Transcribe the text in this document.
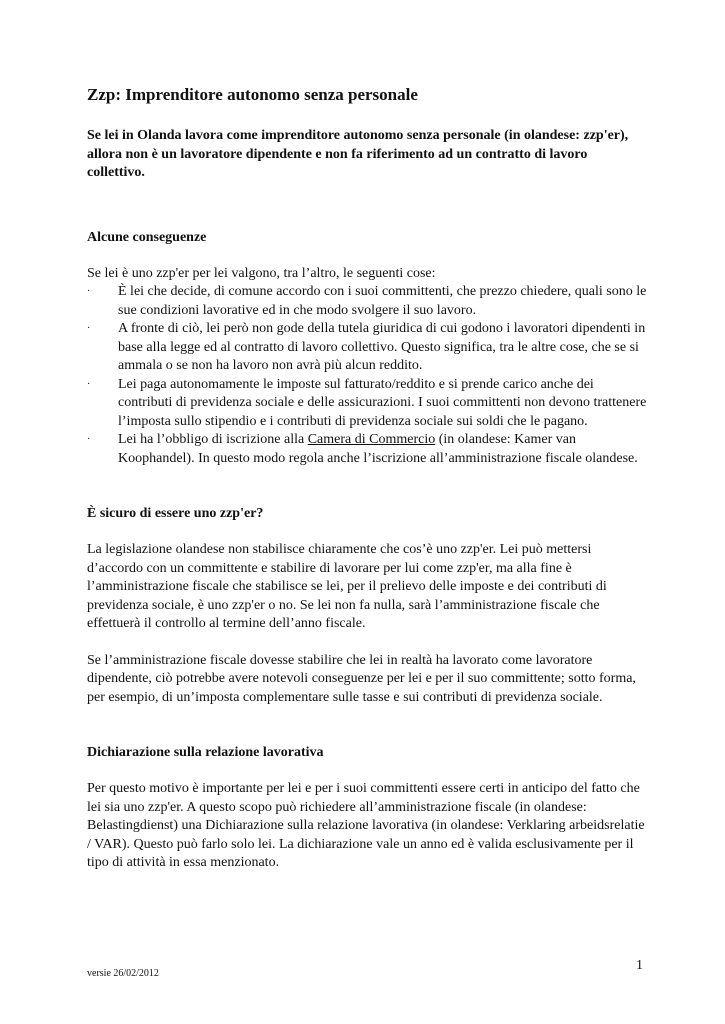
Zzp: Imprenditore autonomo senza personale

Se lei in Olanda lavora come imprenditore autonomo senza personale (in olandese: zzp'er), allora non è un lavoratore dipendente e non fa riferimento ad un contratto di lavoro collettivo.

Alcune conseguenze

Se lei è uno zzp'er per lei valgono, tra l’altro, le seguenti cose:

· È lei che decide, di comune accordo con i suoi committenti, che prezzo chiedere, quali sono le sue condizioni lavorative ed in che modo svolgere il suo lavoro.
· A fronte di ciò, lei però non gode della tutela giuridica di cui godono i lavoratori dipendenti in base alla legge ed al contratto di lavoro collettivo. Questo significa, tra le altre cose, che se si ammala o se non ha lavoro non avrà più alcun reddito.
· Lei paga autonomamente le imposte sul fatturato/reddito e si prende carico anche dei contributi di previdenza sociale e delle assicurazioni. I suoi committenti non devono trattenere l’imposta sullo stipendio e i contributi di previdenza sociale sui soldi che le pagano.
· Lei ha l’obbligo di iscrizione alla Camera di Commercio (in olandese: Kamer van Koophandel). In questo modo regola anche l’iscrizione all’amministrazione fiscale olandese.
È sicuro di essere uno zzp'er?

La legislazione olandese non stabilisce chiaramente che cos’è uno zzp'er. Lei può mettersi d’accordo con un committente e stabilire di lavorare per lui come zzp'er, ma alla fine è l’amministrazione fiscale che stabilisce se lei, per il prelievo delle imposte e dei contributi di previdenza sociale, è uno zzp'er o no. Se lei non fa nulla, sarà l’amministrazione fiscale che effettuerà il controllo al termine dell’anno fiscale.

Se l’amministrazione fiscale dovesse stabilire che lei in realtà ha lavorato come lavoratore dipendente, ciò potrebbe avere notevoli conseguenze per lei e per il suo committente; sotto forma, per esempio, di un’imposta complementare sulle tasse e sui contributi di previdenza sociale.

Dichiarazione sulla relazione lavorativa

Per questo motivo è importante per lei e per i suoi committenti essere certi in anticipo del fatto che lei sia uno zzp'er. A questo scopo può richiedere all’amministrazione fiscale (in olandese: Belastingdienst) una Dichiarazione sulla relazione lavorativa (in olandese: Verklaring arbeidsrelatie / VAR). Questo può farlo solo lei. La dichiarazione vale un anno ed è valida esclusivamente per il tipo di attività in essa menzionato.

versie 26/02/2012
1
